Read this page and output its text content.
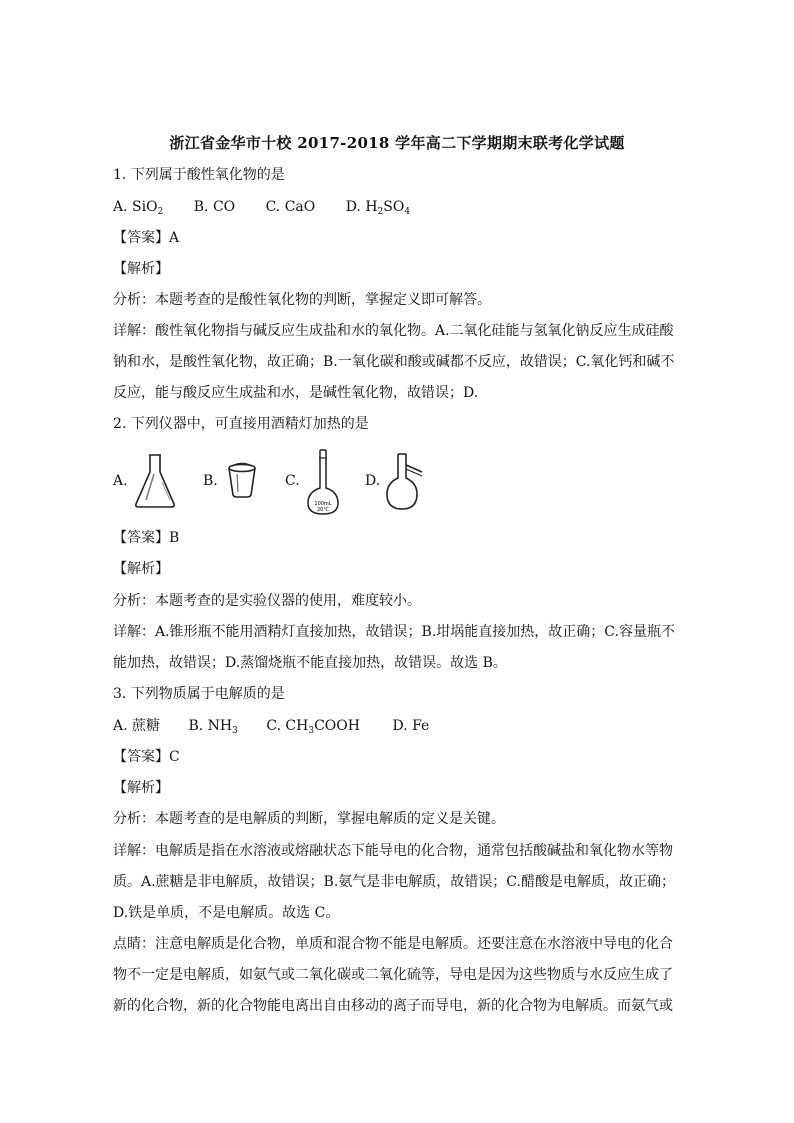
浙江省金华市十校 2017-2018 学年高二下学期期末联考化学试题
1. 下列属于酸性氧化物的是
A. SiO$_2$ B. CO C. CaO D. $H_2SO_4$
【答案】A
【解析】
分析：本题考查的是酸性氧化物的判断，掌握定义即可解答。
详解：酸性氧化物指与碱反应生成盐和水的氧化物。A.二氧化硅能与氢氧化钠反应生成硅酸
钠和水，是酸性氧化物，故正确；B.一氧化碳和酸或碱都不反应，故错误；C.氧化钙和碱不
反应，能与酸反应生成盐和水，是碱性氧化物，故错误；D.
2. 下列仪器中，可直接用酒精灯加热的是
A.	B.	C.
100mL
20℃
D.
【答案】B
【解析】
分析：本题考查的是实验仪器的使用，难度较小。
详解：A.锥形瓶不能用酒精灯直接加热，故错误；B.坩埚能直接加热，故正确；C.容量瓶不
能加热，故错误；D.蒸馏烧瓶不能直接加热，故错误。故选 B。
3. 下列物质属于电解质的是
A. 蔗糖 B. $NH_3$ C. $CH_3COOH$ D. Fe
【答案】C
【解析】
分析：本题考查的是电解质的判断，掌握电解质的定义是关键。
详解：电解质是指在水溶液或熔融状态下能导电的化合物，通常包括酸碱盐和氧化物水等物
质。A.蔗糖是非电解质，故错误；B.氨气是非电解质，故错误；C.醋酸是电解质，故正确；
D.铁是单质，不是电解质。故选 C。
点睛：注意电解质是化合物，单质和混合物不能是电解质。还要注意在水溶液中导电的化合
物不一定是电解质，如氨气或二氧化碳或二氧化硫等，导电是因为这些物质与水反应生成了
新的化合物，新的化合物能电离出自由移动的离子而导电，新的化合物为电解质。而氨气或
